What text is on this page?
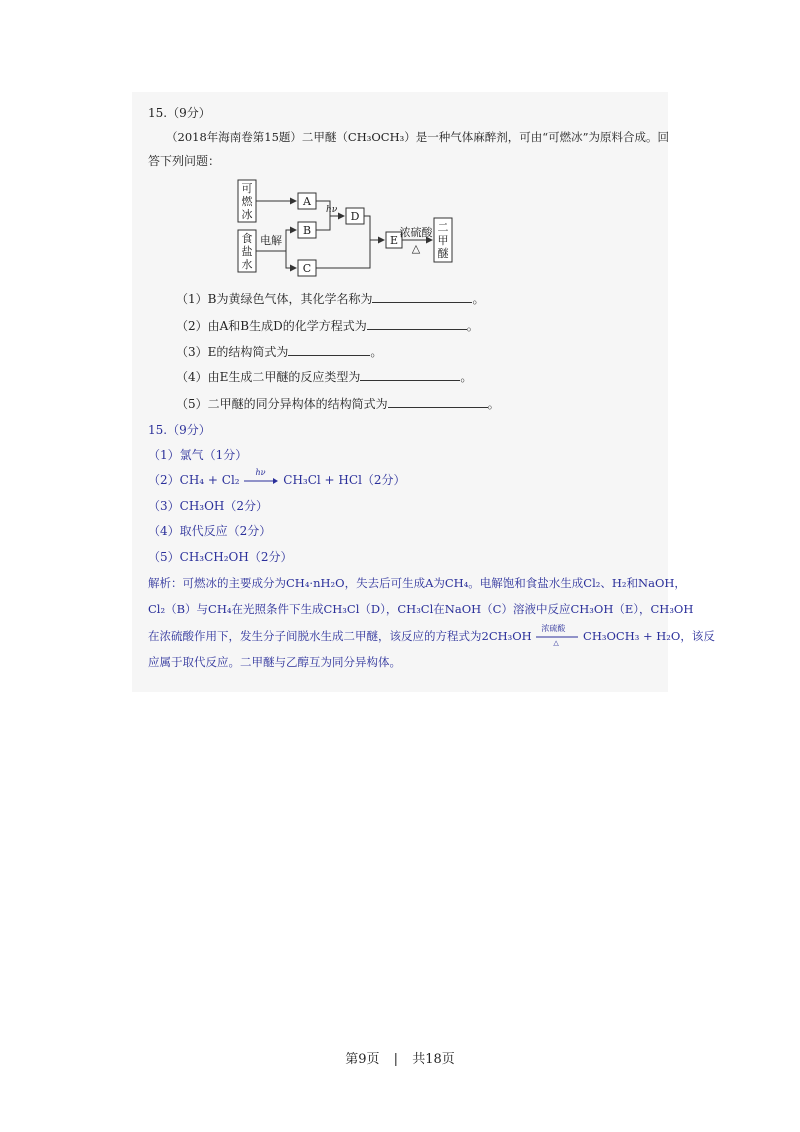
15.（9分）
（2018年海南卷第15题）二甲醚（CH₃OCH₃）是一种气体麻醉剂，可由“可燃冰”为原料合成。回
答下列问题：
可
燃
冰
A
hν D
食
盐
水
电解
B
C
E
浓硫酸
△
二
甲
醚
（1）B为黄绿色气体，其化学名称为	。
（2）由A和B生成D的化学方程式为	。
（3）E的结构简式为	。
（4）由E生成二甲醚的反应类型为	。
（5）二甲醚的同分异构体的结构简式为	。
15.（9分）
（1）氯气（1分）
（2）CH₄ + Cl₂
hν
CH₃Cl + HCl（2分）
（3）CH₃OH（2分）
（4）取代反应（2分）
（5）CH₃CH₂OH（2分）
解析：可燃冰的主要成分为CH₄·nH₂O，失去后可生成A为CH₄。电解饱和食盐水生成Cl₂、H₂和NaOH，
Cl₂（B）与CH₄在光照条件下生成CH₃Cl（D），CH₃Cl在NaOH（C）溶液中反应CH₃OH（E），CH₃OH
在浓硫酸作用下，发生分子间脱水生成二甲醚，该反应的方程式为2CH₃OH
浓硫酸
△ CH₃OCH₃ + H₂O，该反
应属于取代反应。二甲醚与乙醇互为同分异构体。
第9页 | 共18页
